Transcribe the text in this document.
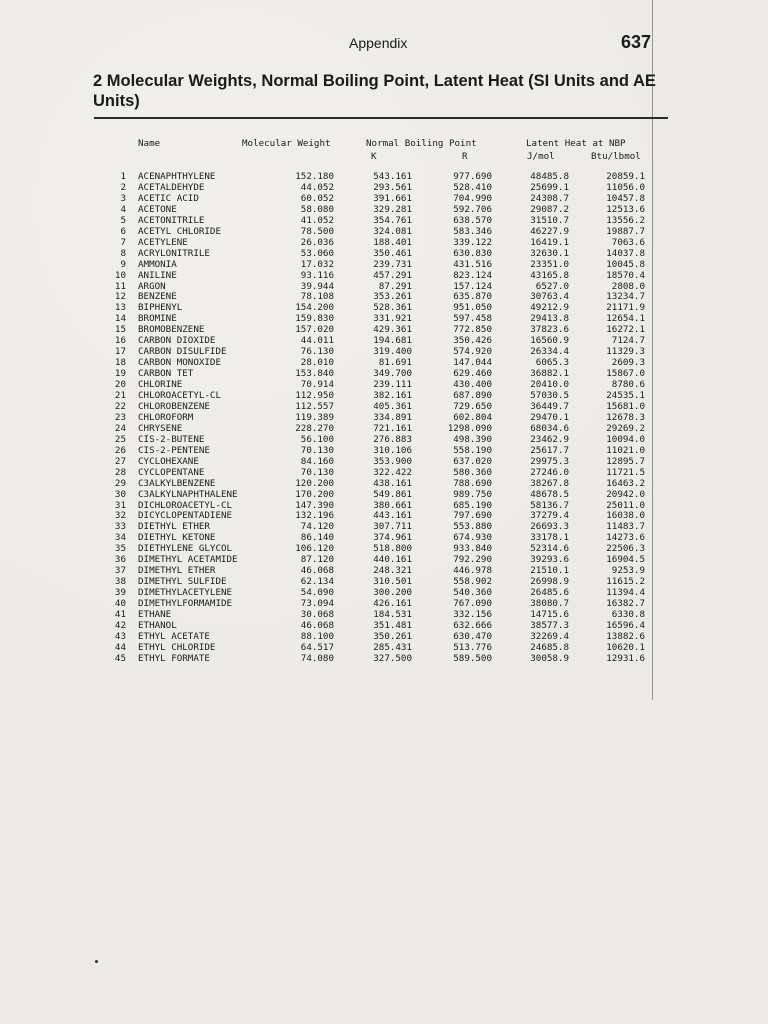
Appendix	637
2 Molecular Weights, Normal Boiling Point, Latent Heat (SI Units and AE Units)
Name	Molecular Weight	Normal Boiling Point	Latent Heat at NBP
K	R	J/mol	Btu/lbmol
1 ACENAPHTHYLENE	152.180	543.161	977.690	48485.8	20859.1
2 ACETALDEHYDE	44.052	293.561	528.410	25699.1	11056.0
3 ACETIC ACID	60.052	391.661	704.990	24308.7	10457.8
4 ACETONE	58.080	329.281	592.706	29087.2	12513.6
5 ACETONITRILE	41.052	354.761	638.570	31510.7	13556.2
6 ACETYL CHLORIDE	78.500	324.081	583.346	46227.9	19887.7
7 ACETYLENE	26.036	188.401	339.122	16419.1	7063.6
8 ACRYLONITRILE	53.060	350.461	630.830	32630.1	14037.8
9 AMMONIA	17.032	239.731	431.516	23351.0	10045.8
10 ANILINE	93.116	457.291	823.124	43165.8	18570.4
11 ARGON	39.944	87.291	157.124	6527.0	2808.0
12 BENZENE	78.108	353.261	635.870	30763.4	13234.7
13 BIPHENYL	154.200	528.361	951.050	49212.9	21171.9
14 BROMINE	159.830	331.921	597.458	29413.8	12654.1
15 BROMOBENZENE	157.020	429.361	772.850	37823.6	16272.1
16 CARBON DIOXIDE	44.011	194.681	350.426	16560.9	7124.7
17 CARBON DISULFIDE	76.130	319.400	574.920	26334.4	11329.3
18 CARBON MONOXIDE	28.010	81.691	147.044	6065.3	2609.3
19 CARBON TET	153.840	349.700	629.460	36882.1	15867.0
20 CHLORINE	70.914	239.111	430.400	20410.0	8780.6
21 CHLOROACETYL-CL	112.950	382.161	687.890	57030.5	24535.1
22 CHLOROBENZENE	112.557	405.361	729.650	36449.7	15681.0
23 CHLOROFORM	119.389	334.891	602.804	29470.1	12678.3
24 CHRYSENE	228.270	721.161	1298.090	68034.6	29269.2
25 CIS-2-BUTENE	56.100	276.883	498.390	23462.9	10094.0
26 CIS-2-PENTENE	70.130	310.106	558.190	25617.7	11021.0
27 CYCLOHEXANE	84.160	353.900	637.020	29975.3	12895.7
28 CYCLOPENTANE	70.130	322.422	580.360	27246.0	11721.5
29 C3ALKYLBENZENE	120.200	438.161	788.690	38267.8	16463.2
30 C3ALKYLNAPHTHALENE	170.200	549.861	989.750	48678.5	20942.0
31 DICHLOROACETYL-CL	147.390	380.661	685.190	58136.7	25011.0
32 DICYCLOPENTADIENE	132.196	443.161	797.690	37279.4	16038.0
33 DIETHYL ETHER	74.120	307.711	553.880	26693.3	11483.7
34 DIETHYL KETONE	86.140	374.961	674.930	33178.1	14273.6
35 DIETHYLENE GLYCOL	106.120	518.800	933.840	52314.6	22506.3
36 DIMETHYL ACETAMIDE	87.120	440.161	792.290	39293.6	16904.5
37 DIMETHYL ETHER	46.068	248.321	446.978	21510.1	9253.9
38 DIMETHYL SULFIDE	62.134	310.501	558.902	26998.9	11615.2
39 DIMETHYLACETYLENE	54.090	300.200	540.360	26485.6	11394.4
40 DIMETHYLFORMAMIDE	73.094	426.161	767.090	38080.7	16382.7
41 ETHANE	30.068	184.531	332.156	14715.6	6330.8
42 ETHANOL	46.068	351.481	632.666	38577.3	16596.4
43 ETHYL ACETATE	88.100	350.261	630.470	32269.4	13882.6
44 ETHYL CHLORIDE	64.517	285.431	513.776	24685.8	10620.1
45 ETHYL FORMATE	74.080	327.500	589.500	30058.9	12931.6
